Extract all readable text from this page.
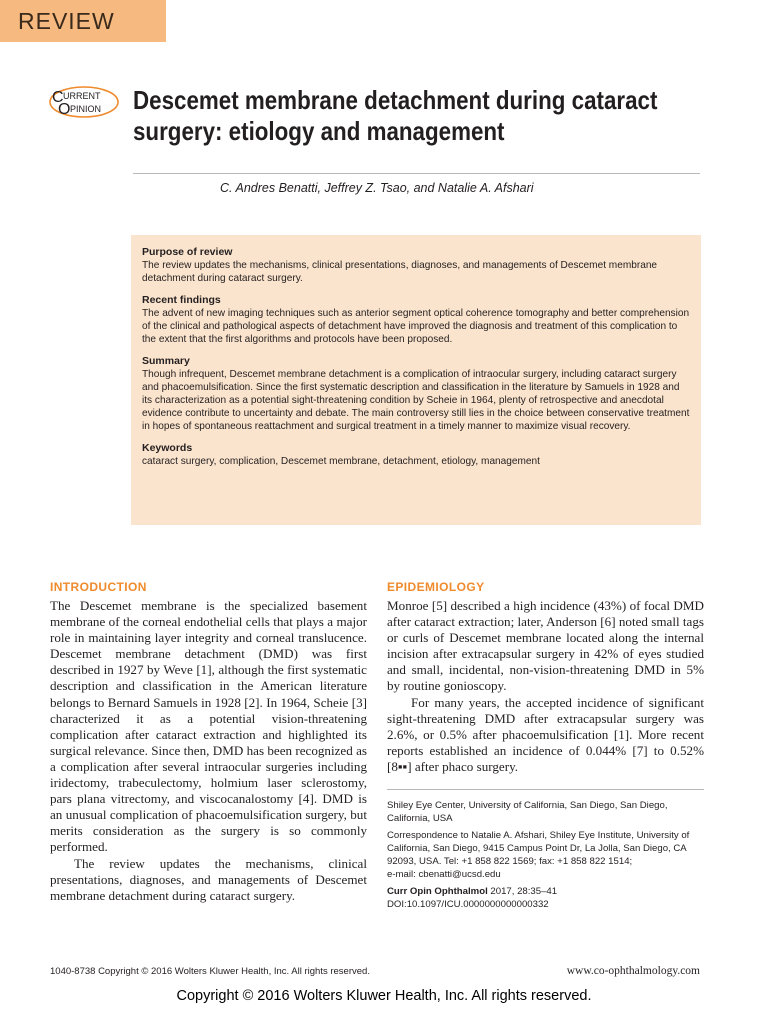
REVIEW
C URRENT
O PINION Descemet membrane detachment during cataract
surgery: etiology and management
C. Andres Benatti, Jeffrey Z. Tsao, and Natalie A. Afshari
Purpose of review

The review updates the mechanisms, clinical presentations, diagnoses, and managements of Descemet membrane detachment during cataract surgery.

Recent findings

The advent of new imaging techniques such as anterior segment optical coherence tomography and better comprehension of the clinical and pathological aspects of detachment have improved the diagnosis and treatment of this complication to the extent that the first algorithms and protocols have been proposed.

Summary

Though infrequent, Descemet membrane detachment is a complication of intraocular surgery, including cataract surgery and phacoemulsification. Since the first systematic description and classification in the literature by Samuels in 1928 and its characterization as a potential sight-threatening condition by Scheie in 1964, plenty of retrospective and anecdotal evidence contribute to uncertainty and debate. The main controversy still lies in the choice between conservative treatment in hopes of spontaneous reattachment and surgical treatment in a timely manner to maximize visual recovery.

Keywords

cataract surgery, complication, Descemet membrane, detachment, etiology, management

INTRODUCTION

The Descemet membrane is the specialized basement membrane of the corneal endothelial cells that plays a major role in maintaining layer integrity and corneal translucence. Descemet membrane detachment (DMD) was first described in 1927 by Weve [1], although the first systematic description and classification in the American literature belongs to Bernard Samuels in 1928 [2]. In 1964, Scheie [3] characterized it as a potential vision-threatening complication after cataract extraction and highlighted its surgical relevance. Since then, DMD has been recognized as a complication after several intraocular surgeries including iridectomy, trabeculectomy, holmium laser sclerostomy, pars plana vitrectomy, and viscocanalostomy [4]. DMD is an unusual complication of phacoemulsification surgery, but merits consideration as the surgery is so commonly performed.

The review updates the mechanisms, clinical presentations, diagnoses, and managements of Descemet membrane detachment during cataract surgery.

EPIDEMIOLOGY

Monroe [5] described a high incidence (43%) of focal DMD after cataract extraction; later, Anderson [6] noted small tags or curls of Descemet membrane located along the internal incision after extracapsular surgery in 42% of eyes studied and small, incidental, non-vision-threatening DMD in 5% by routine gonioscopy.

For many years, the accepted incidence of significant sight-threatening DMD after extracapsular surgery was 2.6%, or 0.5% after phacoemulsification [1]. More recent reports established an incidence of 0.044% [7] to 0.52% [8▪▪] after phaco surgery.

Shiley Eye Center, University of California, San Diego, San Diego, California, USA

Correspondence to Natalie A. Afshari, Shiley Eye Institute, University of California, San Diego, 9415 Campus Point Dr, La Jolla, San Diego, CA 92093, USA. Tel: +1 858 822 1569; fax: +1 858 822 1514;

e-mail: cbenatti@ucsd.edu

Curr Opin Ophthalmol 2017, 28:35–41

DOI:10.1097/ICU.0000000000000332

1040-8738 Copyright © 2016 Wolters Kluwer Health, Inc. All rights reserved.	www.co-ophthalmology.com
Copyright © 2016 Wolters Kluwer Health, Inc. All rights reserved.
